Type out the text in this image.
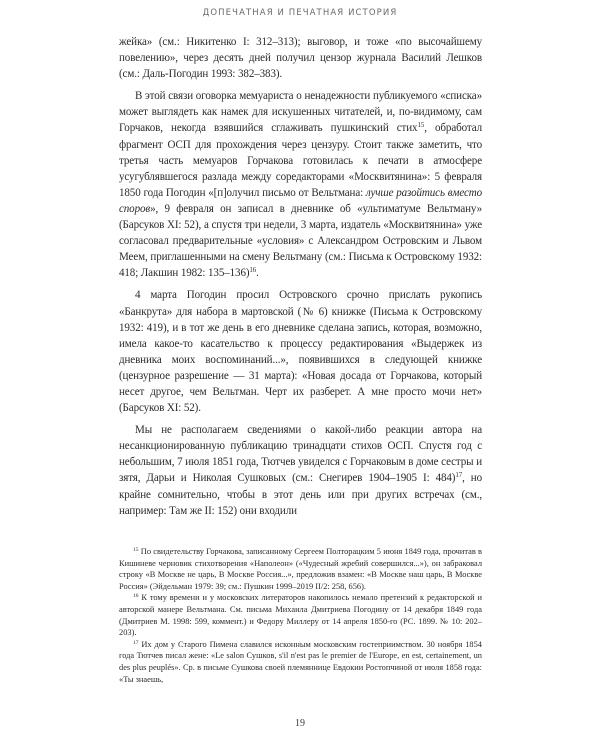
ДОПЕЧАТНАЯ И ПЕЧАТНАЯ ИСТОРИЯ

жейка» (см.: Никитенко I: 312–313); выговор, и тоже «по высочайшему повелению», через десять дней получил цензор журнала Василий Лешков (см.: Даль-Погодин 1993: 382–383).

В этой связи оговорка мемуариста о ненадежности публикуемого «списка» может выглядеть как намек для искушенных читателей, и, по-видимому, сам Горчаков, некогда взявшийся сглаживать пушкинский стих$^{15}$, обработал фрагмент ОСП для прохождения через цензуру. Стоит также заметить, что третья часть мемуаров Горчакова готовилась к печати в атмосфере усугублявшегося разлада между соредакторами «Москвитянина»: 5 февраля 1850 года Погодин «[п]олучил письмо от Вельтмана: лучше разойтись вместо споров», 9 февраля он записал в дневнике об «ультиматуме Вельтману» (Барсуков XI: 52), а спустя три недели, 3 марта, издатель «Москвитянина» уже согласовал предварительные «условия» с Александром Островским и Львом Меем, приглашенными на смену Вельтману (см.: Письма к Островскому 1932: 418; Лакшин 1982: 135–136)$^{16}$.

4 марта Погодин просил Островского срочно прислать рукопись «Банкрута» для набора в мартовской (№ 6) книжке (Письма к Островскому 1932: 419), и в тот же день в его дневнике сделана запись, которая, возможно, имела какое-то касательство к процессу редактирования «Выдержек из дневника моих воспоминаний...», появившихся в следующей книжке (цензурное разрешение — 31 марта): «Новая досада от Горчакова, который несет другое, чем Вельтман. Черт их разберет. А мне просто мочи нет» (Барсуков XI: 52).

Мы не располагаем сведениями о какой-либо реакции автора на несанкционированную публикацию тринадцати стихов ОСП. Спустя год с небольшим, 7 июля 1851 года, Тютчев увиделся с Горчаковым в доме сестры и зятя, Дарьи и Николая Сушковых (см.: Снегирев 1904–1905 I: 484)$^{17}$, но крайне сомнительно, чтобы в этот день или при других встречах (см., например: Там же II: 152) они входили

$^{15}$ По свидетельству Горчакова, записанному Сергеем Полторацким 5 июня 1849 года, прочитав в Кишиневе черновик стихотворения «Наполеон» («Чудесный жребий совершился...»), он забраковал строку «В Москве не царь, В Москве Россия...», предложив взамен: «В Москве наш царь, В Москве Россия» (Эйдельман 1979: 39; см.: Пушкин 1999–2019 II/2: 258, 656).

$^{16}$ К тому времени и у московских литераторов накопилось немало претензий к редакторской и авторской манере Вельтмана. См. письма Михаила Дмитриева Погодину от 14 декабря 1849 года (Дмитриев М. 1998: 599, коммент.) и Федору Миллеру от 14 апреля 1850-го (РС. 1899. № 10: 202–203).

$^{17}$ Их дом у Старого Пимена славился исконным московским гостеприимством. 30 ноября 1854 года Тютчев писал жене: «Le salon Сушков, s'il n'est pas le premier de l'Europe, en est, certainement, un des plus peuplés». Ср. в письме Сушкова своей племяннице Евдокии Ростопчиной от июля 1858 года: «Ты знаешь,

19
